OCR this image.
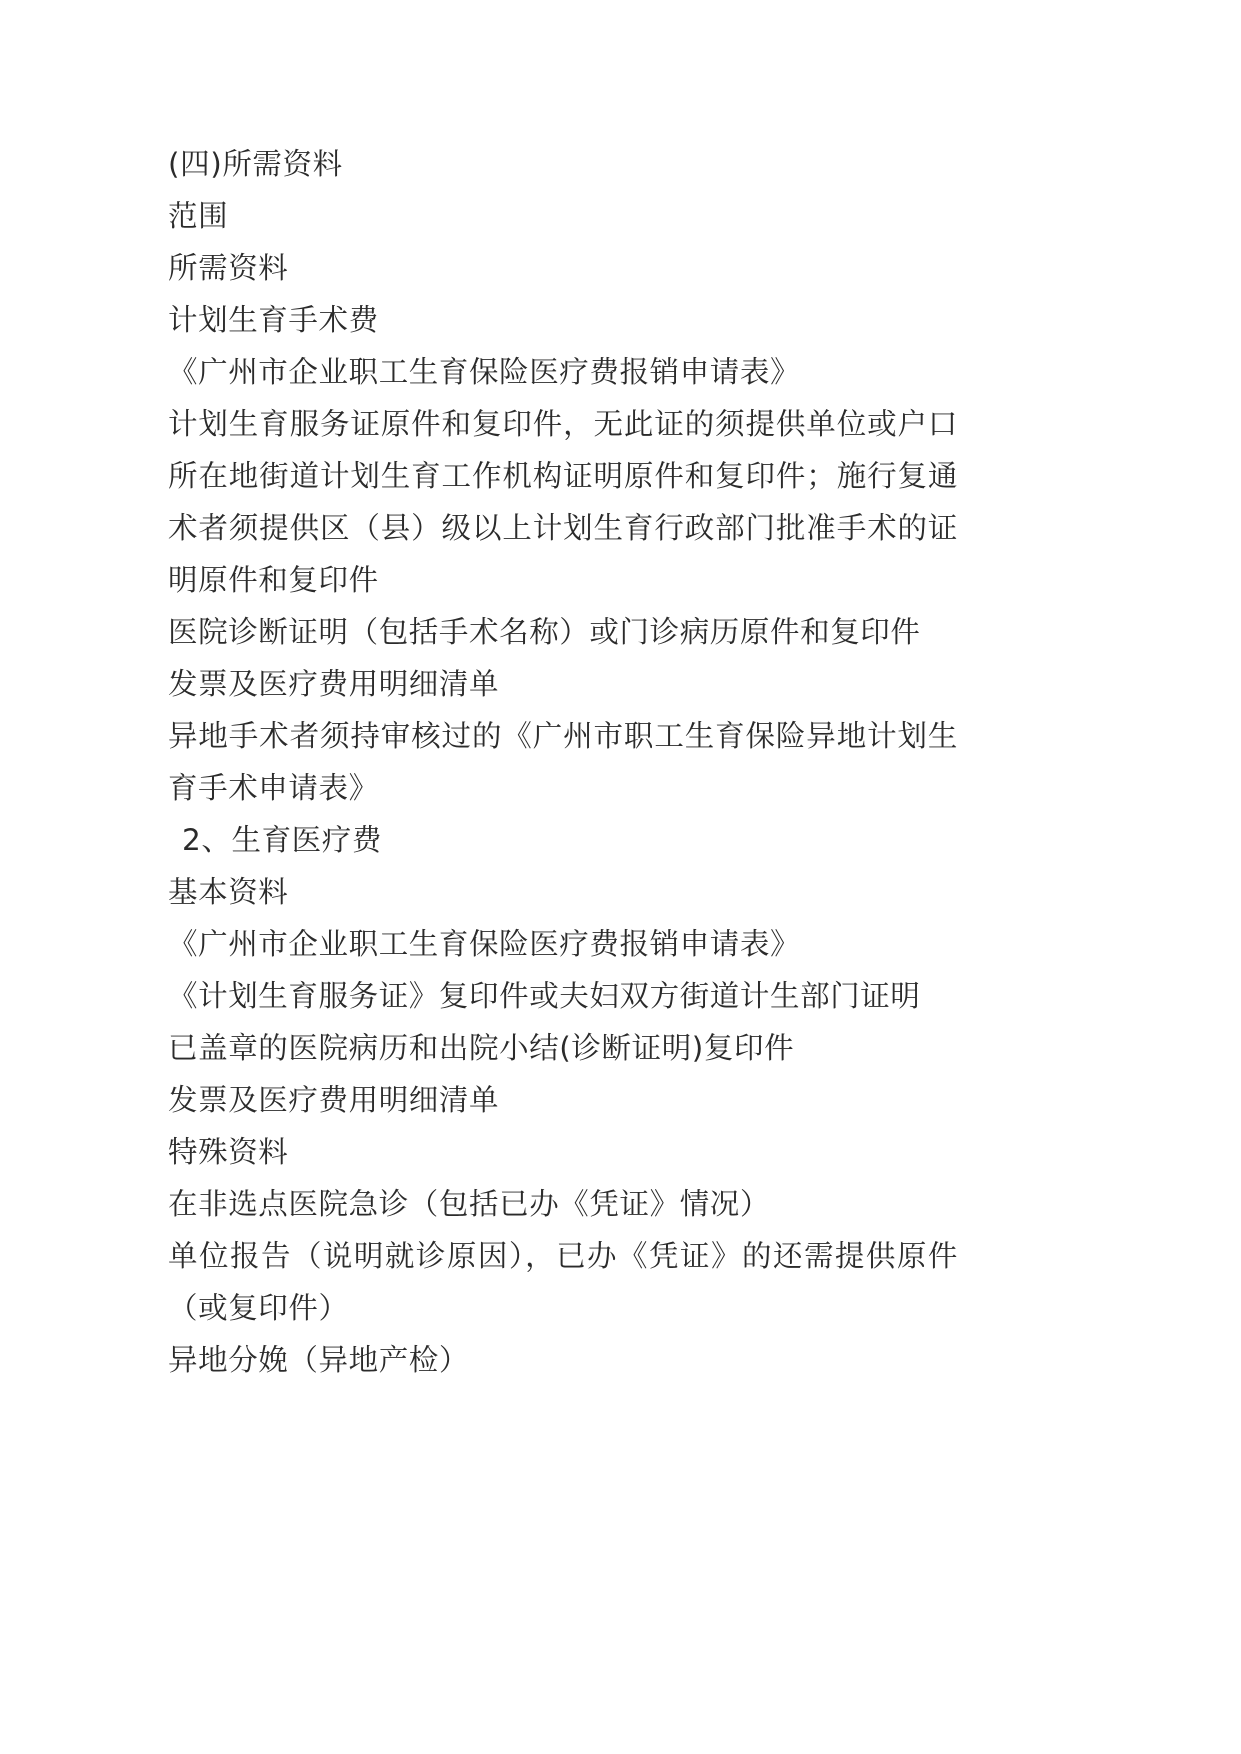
(四)所需资料

范围

所需资料

计划生育手术费

《广州市企业职工生育保险医疗费报销申请表》

计划生育服务证原件和复印件，无此证的须提供单位或户口所在地街道计划生育工作机构证明原件和复印件；施行复通术者须提供区（县）级以上计划生育行政部门批准手术的证明原件和复印件

医院诊断证明（包括手术名称）或门诊病历原件和复印件

发票及医疗费用明细清单

异地手术者须持审核过的《广州市职工生育保险异地计划生育手术申请表》

2、生育医疗费

基本资料

《广州市企业职工生育保险医疗费报销申请表》

《计划生育服务证》复印件或夫妇双方街道计生部门证明

已盖章的医院病历和出院小结(诊断证明)复印件

发票及医疗费用明细清单

特殊资料

在非选点医院急诊（包括已办《凭证》情况）

单位报告（说明就诊原因），已办《凭证》的还需提供原件（或复印件）

异地分娩（异地产检）
